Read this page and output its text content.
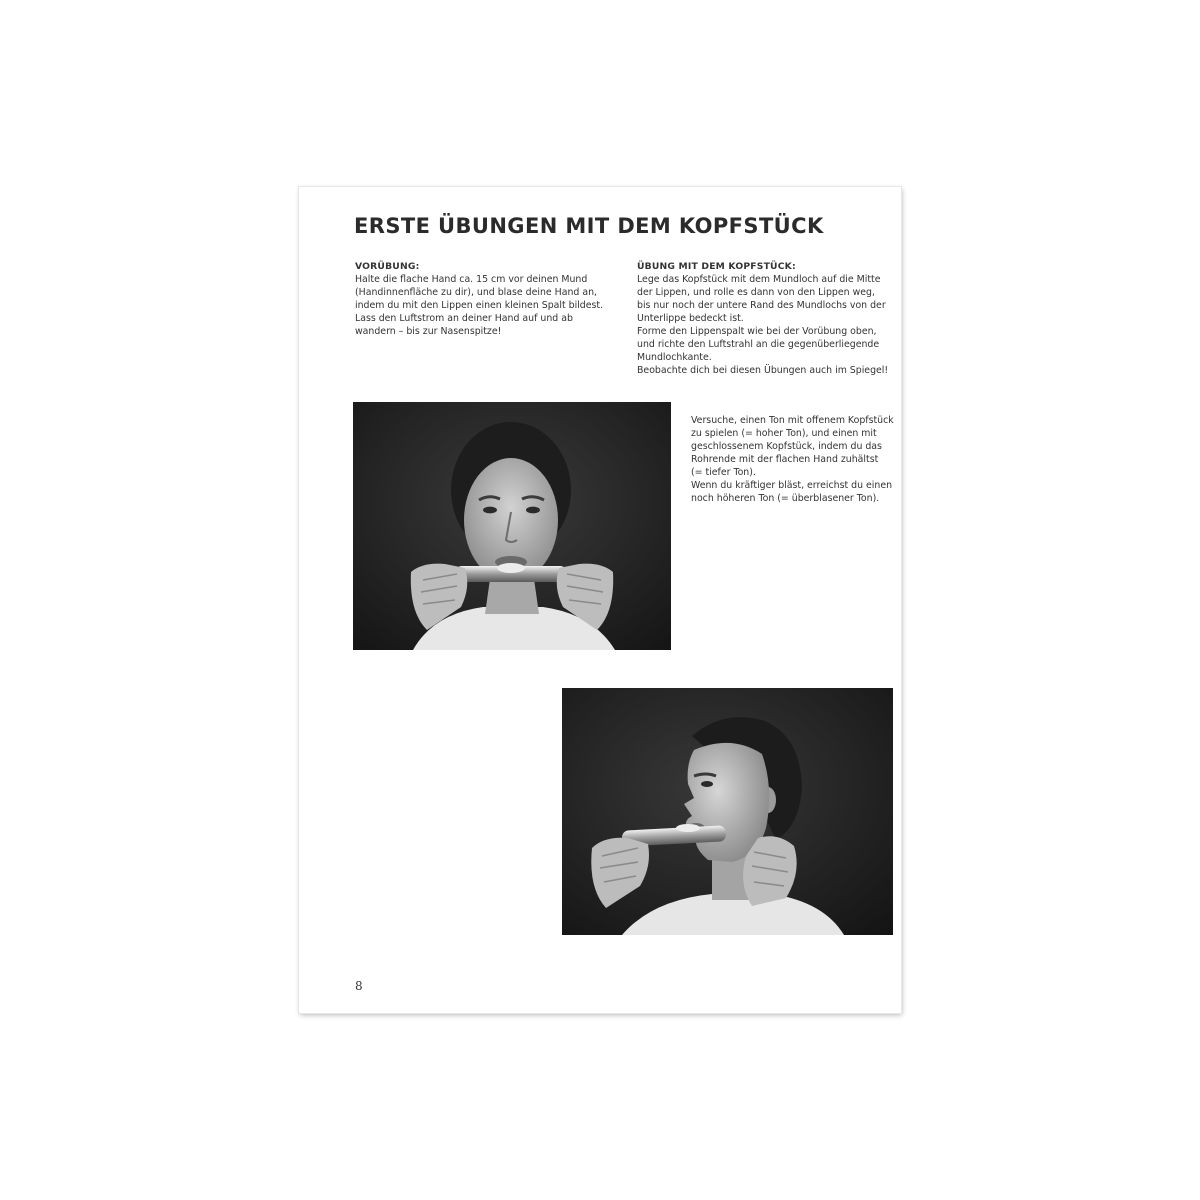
ERSTE ÜBUNGEN MIT DEM KOPFSTÜCK
VORÜBUNG:
Halte die flache Hand ca. 15 cm vor deinen Mund
(Handinnenfläche zu dir), und blase deine Hand an,
indem du mit den Lippen einen kleinen Spalt bildest.
Lass den Luftstrom an deiner Hand auf und ab
wandern – bis zur Nasenspitze!
ÜBUNG MIT DEM KOPFSTÜCK:
Lege das Kopfstück mit dem Mundloch auf die Mitte
der Lippen, und rolle es dann von den Lippen weg,
bis nur noch der untere Rand des Mundlochs von der
Unterlippe bedeckt ist.
Forme den Lippenspalt wie bei der Vorübung oben,
und richte den Luftstrahl an die gegenüberliegende
Mundlochkante.
Beobachte dich bei diesen Übungen auch im Spiegel!
Versuche, einen Ton mit offenem Kopfstück
zu spielen (= hoher Ton), und einen mit
geschlossenem Kopfstück, indem du das
Rohrende mit der flachen Hand zuhältst
(= tiefer Ton).
Wenn du kräftiger bläst, erreichst du einen
noch höheren Ton (= überblasener Ton).
8
